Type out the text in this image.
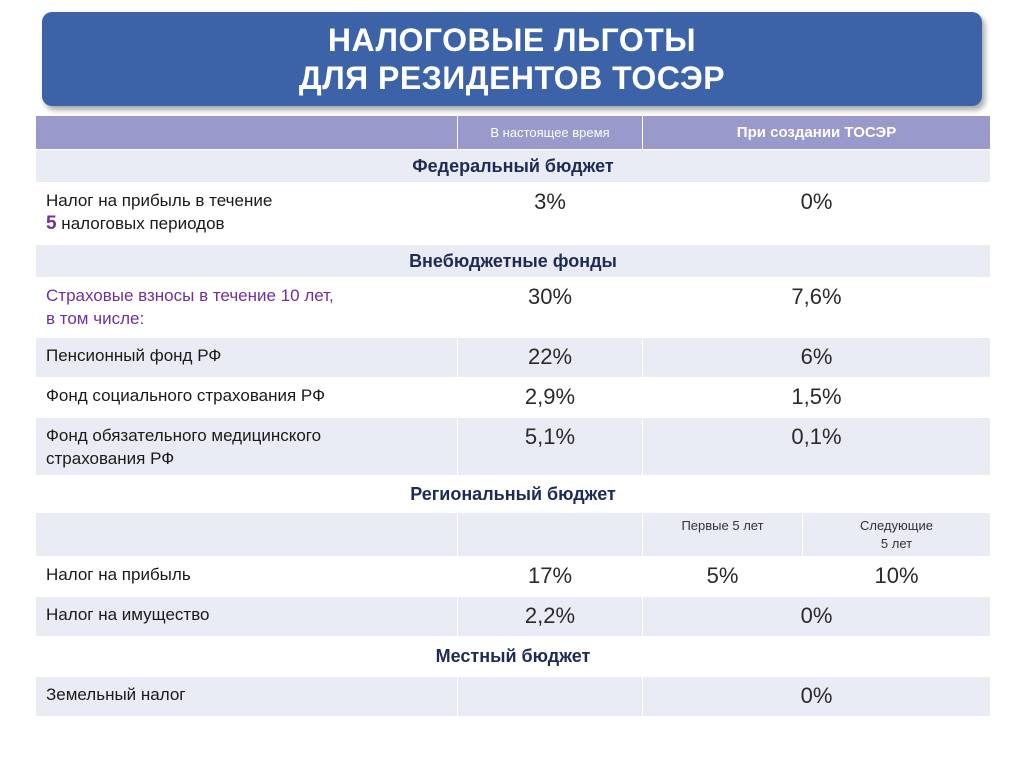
НАЛОГОВЫЕ ЛЬГОТЫ
ДЛЯ РЕЗИДЕНТОВ ТОСЭР
	В настоящее время	При создании ТОСЭР	
Федеральный бюджет			
Налог на прибыль в течение
5 налоговых периодов	3%	0%	
Внебюджетные фонды			
Страховые взносы в течение 10 лет,
в том числе:	30%	7,6%	
Пенсионный фонд РФ	22%	6%	
Фонд социального страхования РФ	2,9%	1,5%	
Фонд обязательного медицинского
страхования РФ	5,1%	0,1%	
Региональный бюджет			
		Первые 5 лет	Следующие
5 лет
Налог на прибыль	17%	5%	10%
Налог на имущество	2,2%	0%	
Местный бюджет			
Земельный налог		0%	
